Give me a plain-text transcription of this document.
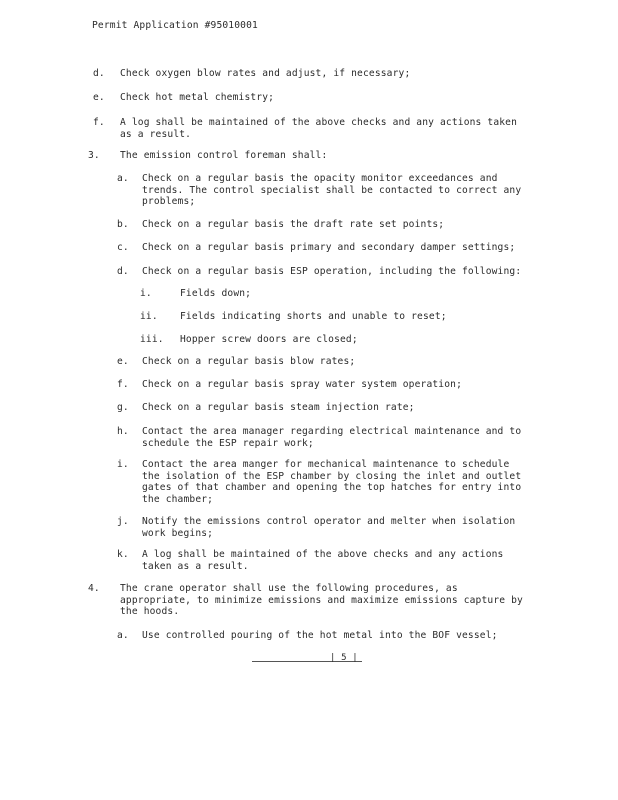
Permit Application #95010001
d. Check oxygen blow rates and adjust, if necessary;
e. Check hot metal chemistry;
f. A log shall be maintained of the above checks and any actions taken
as a result.
3. The emission control foreman shall:
a. Check on a regular basis the opacity monitor exceedances and
trends. The control specialist shall be contacted to correct any
problems;
b. Check on a regular basis the draft rate set points;
c. Check on a regular basis primary and secondary damper settings;
d. Check on a regular basis ESP operation, including the following:
i.	Fields down;
ii. Fields indicating shorts and unable to reset;
iii. Hopper screw doors are closed;
e. Check on a regular basis blow rates;
f. Check on a regular basis spray water system operation;
g. Check on a regular basis steam injection rate;
h. Contact the area manager regarding electrical maintenance and to
schedule the ESP repair work;
i. Contact the area manger for mechanical maintenance to schedule
the isolation of the ESP chamber by closing the inlet and outlet
gates of that chamber and opening the top hatches for entry into
the chamber;
j. Notify the emissions control operator and melter when isolation
work begins;
k. A log shall be maintained of the above checks and any actions
taken as a result.
4. The crane operator shall use the following procedures, as
appropriate, to minimize emissions and maximize emissions capture by
the hoods.
a. Use controlled pouring of the hot metal into the BOF vessel;
| 5 |
